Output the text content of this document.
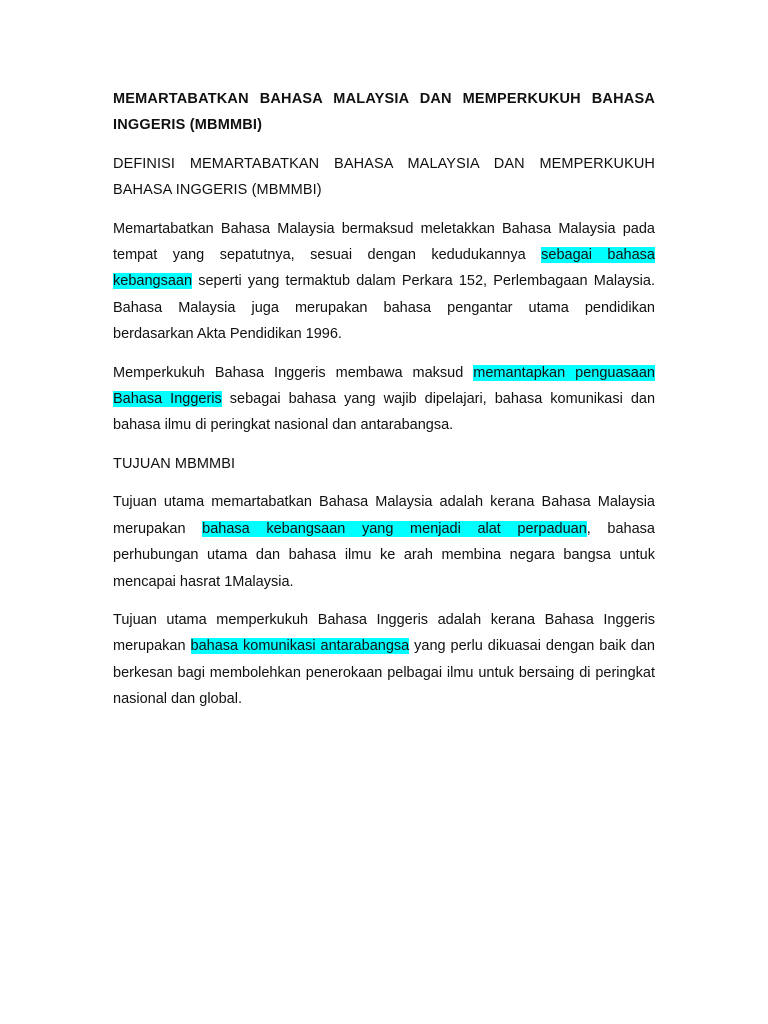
MEMARTABATKAN BAHASA MALAYSIA DAN MEMPERKUKUH BAHASA INGGERIS (MBMMBI)

DEFINISI MEMARTABATKAN BAHASA MALAYSIA DAN MEMPERKUKUH BAHASA INGGERIS (MBMMBI)

Memartabatkan Bahasa Malaysia bermaksud meletakkan Bahasa Malaysia pada tempat yang sepatutnya, sesuai dengan kedudukannya sebagai bahasa kebangsaan seperti yang termaktub dalam Perkara 152, Perlembagaan Malaysia. Bahasa Malaysia juga merupakan bahasa pengantar utama pendidikan berdasarkan Akta Pendidikan 1996.

Memperkukuh Bahasa Inggeris membawa maksud memantapkan penguasaan Bahasa Inggeris sebagai bahasa yang wajib dipelajari, bahasa komunikasi dan bahasa ilmu di peringkat nasional dan antarabangsa.

TUJUAN MBMMBI

Tujuan utama memartabatkan Bahasa Malaysia adalah kerana Bahasa Malaysia merupakan bahasa kebangsaan yang menjadi alat perpaduan, bahasa perhubungan utama dan bahasa ilmu ke arah membina negara bangsa untuk mencapai hasrat 1Malaysia.

Tujuan utama memperkukuh Bahasa Inggeris adalah kerana Bahasa Inggeris merupakan bahasa komunikasi antarabangsa yang perlu dikuasai dengan baik dan berkesan bagi membolehkan penerokaan pelbagai ilmu untuk bersaing di peringkat nasional dan global.
